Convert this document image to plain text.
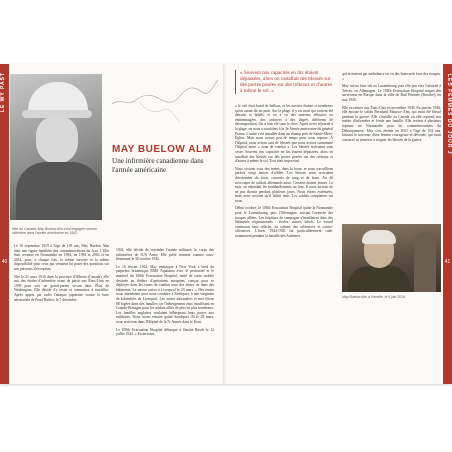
LE WY PAST
40
Née au Canada, May Buelow Alm s'est engagée comme infirmière dans l'armée américaine en 1942.
MAY BUELOW ALM
Une infirmière canadienne dans l'armée américaine

Le 16 septembre 1919 à l'âge de 103 ans, May Buelow Alm était une figure familière des commémorations du Jour J. Elle était revenue en Normandie en 1994, en 1994 et 2004 et en 2014, pour, à chaque fois, la même ouverte et la même disponibilité pour ceux qui venaient lui poser des questions sur son parcours d'exception.

Née le 21 mars 1916 dans la province d'Alberta (Canada), elle suit des études d'infirmière avant de partir aux États-Unis en 1939 pour voir un grand-parent vivant dans l'État de Washington. Elle décide d'y rester et commence à travailler. Après appris par radio l'attaque japonaise contre la base aéronavale de Pearl Harbor, le 7 décembre

1941, elle décide de rejoindre l'armée militaire, le corps des infirmières de l'US Army. Elle prête serment comme sous-lieutenant le 30 octobre 1942.

Le 16 février 1944, May embarque à New York à bord du paquebot britannique RMS Aquitania avec le personnel et le matériel du 108th Evacuation Hospital, unité de soins mobile destinée au théâtre d'opérations européen, conçue pour se déployer dans les zones de combat sous des tentes ou dans des bâtiments. Le navire arrive à Liverpool le 23 mars. « Des tentes nous attendaient pour nous conduire à Southport, à une vingtaine de kilomètres de Liverpool. Les autres infirmières et moi étions 88 logées dans des familles car l'hébergement était insuffisant en Grande-Bretagne pour les soldats alliés de plus en plus nombreux. Les familles anglaises voulaient hébergeant leurs portes aux militaires. Nous avons ensuite quitté Southport. Et le 29 mars, nous arrivions dans l'Hôpital de la 7e Armée dans le Kent.

Le 108th Evacuation Hospital débarque à Omaha Beach le 12 juillet 1944. « En arrivant,

« Souvent nos capacités en lits étaient dépassées, alors on installait des blessés sur des portes posées sur des tréteaux et d'autres à même le sol. »

« le ciel était lourd de ballons, et les navires étaient si nombreux qu'on aurait dit un pont. Sur la plage, il y en avait qui avaient été détruits et brûlés, et on a vu des maisons détruites ou endommagées, des cadavres à des degrés différents de décomposition. On a tous été sous le choc. Après avoir séjourné à la plage, on nous a conduites à la 3e Armée américaine du général Patton. L'unité s'est installée dans un champ près de Sainte-Mère-Église. Mais nous avions peu de temps pour nous reposer. À l'hôpital, nous avions tant de blessés que nous avions surnommé l'hôpital notre « zone de combat ». Les blessés arrivaient sans cesse. Souvent nos capacités en lits étaient dépassées, alors on installait des blessés sur des portes posées sur des tréteaux et d'autres à même le sol. Tout était improvisé.

Nous vivions sous des tentes, dans la boue, et nous travaillions parfois vingt heures d'affilée. Les blessés nous arrivaient directement du front, couverts de sang et de boue. J'ai dû m'occuper de soldats allemands aussi. Certains étaient jeunes. La nuit, on entendait les bombardements au loin. Il nous arrivait de ne pas dormir pendant plusieurs jours. Nous étions exténuées, mais nous savions qu'il fallait tenir. Les soldats comptaient sur nous.

Début octobre, le 108th Evacuation Hospital quitte la Normandie pour le Luxembourg, puis l'Allemagne, suivant l'avancée des troupes alliées. Les hôpitaux de campagne s'installaient dans des bâtiments réquisitionnés : écoles, usines, hôtels. Le travail continuait sans relâche, au rythme des offensives et contre-offensives. L'hiver 1944-1945 fut particulièrement rude, notamment pendant la bataille des Ardennes.

qui arrivaient par ambulance ou en des brancards hors des troupes. »

May suivra bien sûr au Luxembourg puis elle peu vers Leisured à Trèves, en Allemagne. Le 108th Evacuation Hospital soigne des survivants en Europe dans la ville de Bad Wiessee (Bavière), en mai 1945.

Elle va rentrer aux États-Unis en novembre 1945. En janvier 1946, elle épouse le soldat Bernhard Maurice Alm, qui avait été blessé pendant la guerre. Elle s'installe au Canada où elle reprend son métier d'infirmière et fonde une famille. Elle revient à plusieurs reprises en Normandie pour les commémorations du Débarquement. May s'est éteinte en 2021 à l'âge de 104 ans, laissant le souvenir d'une femme courageuse et dévouée, qui avait consacré sa jeunesse à soigner les blessés de la guerre.

May Buelow Alm à Vierville, le 6 juin 2014.
LES FEMMES DU JOUR J
41
